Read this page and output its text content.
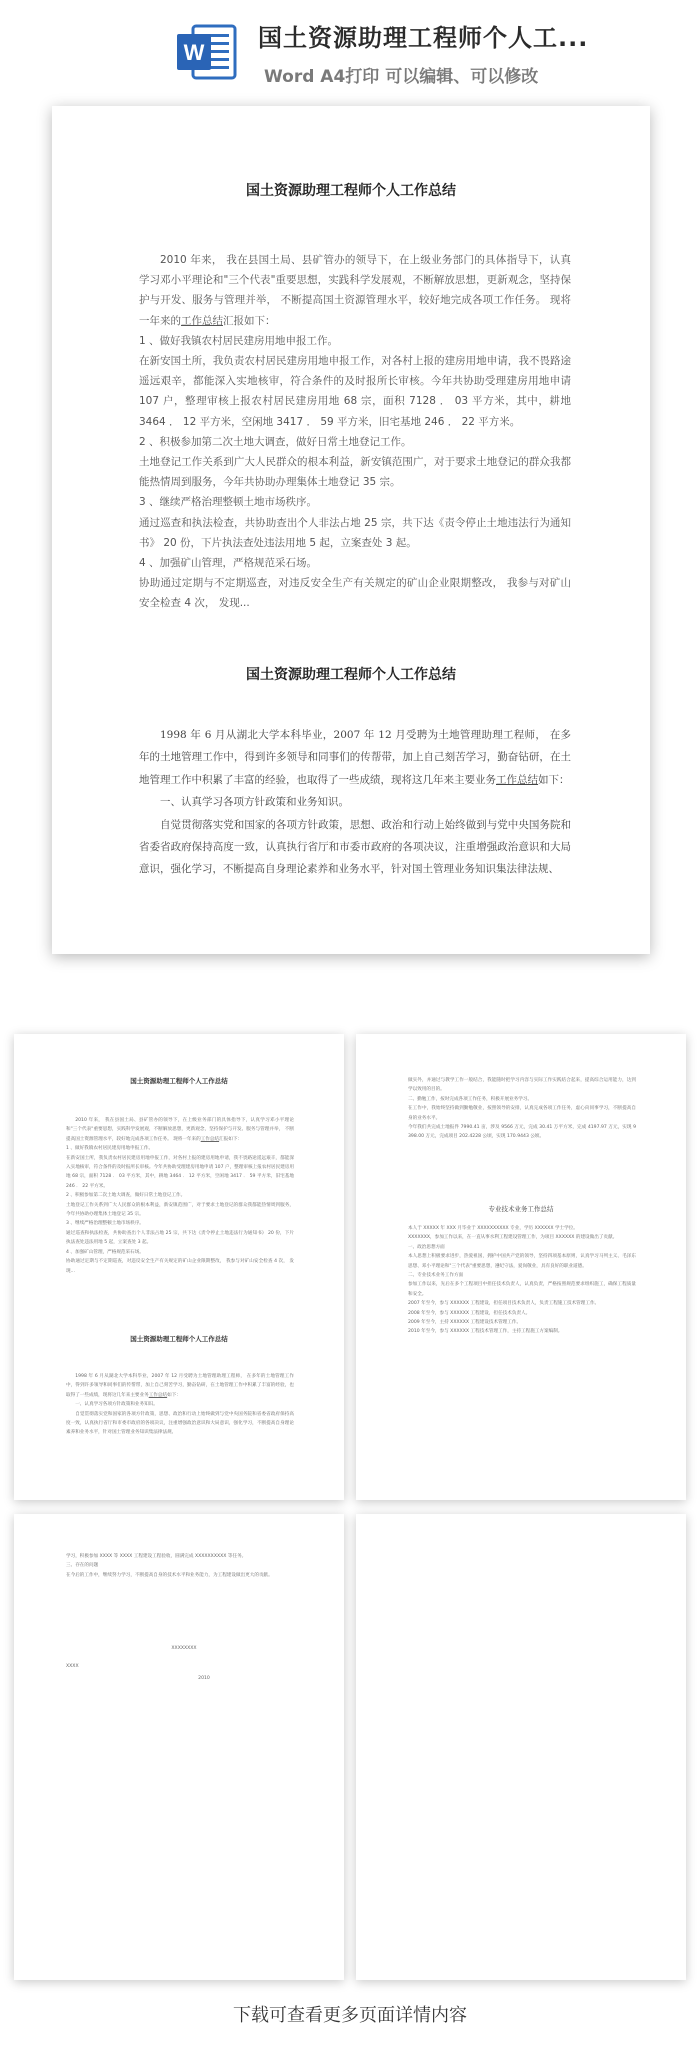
W
国土资源助理工程师个人工...
Word A4打印 可以编辑、可以修改
国土资源助理工程师个人工作总结

2010 年来， 我在县国土局、县矿管办的领导下，在上级业务部门的具体指导下，认真学习邓小平理论和"三个代表"重要思想，实践科学发展观，不断解放思想，更新观念，坚持保护与开发、服务与管理并举， 不断提高国土资源管理水平，较好地完成各项工作任务。 现将一年来的工作总结汇报如下：

1 、做好我镇农村居民建房用地申报工作。

在新安国土所，我负责农村居民建房用地申报工作，对各村上报的建房用地申请，我不畏路途遥远艰辛，都能深入实地核审，符合条件的及时报所长审核。今年共协助受理建房用地申请 107 户，整理审核上报农村居民建房用地 68 宗，面积 7128 ． 03 平方米，其中，耕地 3464 ． 12 平方米，空闲地 3417 ． 59 平方米，旧宅基地 246 ． 22 平方米。

2 、积极参加第二次土地大调查，做好日常土地登记工作。

土地登记工作关系到广大人民群众的根本利益，新安镇范围广，对于要求土地登记的群众我都能热情周到服务，今年共协助办理集体土地登记 35 宗。

3 、继续严格治理整顿土地市场秩序。

通过巡查和执法检查，共协助查出个人非法占地 25 宗，共下达《责令停止土地违法行为通知书》 20 份，下片执法查处违法用地 5 起，立案查处 3 起。

4 、加强矿山管理，严格规范采石场。

协助通过定期与不定期巡查，对违反安全生产有关规定的矿山企业限期整改， 我参与对矿山安全检查 4 次， 发现...

国土资源助理工程师个人工作总结

1998 年 6 月从湖北大学本科毕业，2007 年 12 月受聘为土地管理助理工程师， 在多年的土地管理工作中，得到许多领导和同事们的传帮带，加上自己刻苦学习，勤奋钻研，在土地管理工作中积累了丰富的经验，也取得了一些成绩，现将这几年来主要业务工作总结如下：

一、认真学习各项方针政策和业务知识。

自觉贯彻落实党和国家的各项方针政策，思想、政治和行动上始终做到与党中央国务院和省委省政府保持高度一致，认真执行省厅和市委市政府的各项决议，注重增强政治意识和大局意识，强化学习，不断提高自身理论素养和业务水平，针对国土管理业务知识集法律法规、

国土资源助理工程师个人工作总结

2010 年来， 我在县国土局、县矿管办的领导下，在上级业务部门的具体指导下，认真学习邓小平理论和"三个代表"重要思想，实践科学发展观，不断解放思想，更新观念，坚持保护与开发、服务与管理并举， 不断提高国土资源管理水平，较好地完成各项工作任务。 现将一年来的工作总结汇报如下：

1 、做好我镇农村居民建房用地申报工作。

在新安国土所，我负责农村居民建房用地申报工作，对各村上报的建房用地申请，我不畏路途遥远艰辛，都能深入实地核审，符合条件的及时报所长审核。今年共协助受理建房用地申请 107 户，整理审核上报农村居民建房用地 68 宗，面积 7128 ． 03 平方米，其中，耕地 3464 ． 12 平方米，空闲地 3417 ． 59 平方米，旧宅基地 246 ． 22 平方米。

2 、积极参加第二次土地大调查，做好日常土地登记工作。

土地登记工作关系到广大人民群众的根本利益，新安镇范围广，对于要求土地登记的群众我都能热情周到服务，今年共协助办理集体土地登记 35 宗。

3 、继续严格治理整顿土地市场秩序。

通过巡查和执法检查，共协助查出个人非法占地 25 宗，共下达《责令停止土地违法行为通知书》 20 份，下片执法查处违法用地 5 起，立案查处 3 起。

4 、加强矿山管理，严格规范采石场。

协助通过定期与不定期巡查，对违反安全生产有关规定的矿山企业限期整改， 我参与对矿山安全检查 4 次， 发现...

国土资源助理工程师个人工作总结

1998 年 6 月从湖北大学本科毕业，2007 年 12 月受聘为土地管理助理工程师， 在多年的土地管理工作中，得到许多领导和同事们的传帮带，加上自己刻苦学习，勤奋钻研，在土地管理工作中积累了丰富的经验，也取得了一些成绩，现将这几年来主要业务工作总结如下：

一、认真学习各项方针政策和业务知识。

自觉贯彻落实党和国家的各项方针政策，思想、政治和行动上始终做到与党中央国务院和省委省政府保持高度一致，认真执行省厅和市委市政府的各项决议，注重增强政治意识和大局意识，强化学习，不断提高自身理论素养和业务水平，针对国土管理业务知识集法律法规、

做实外，并通过与教学工作一般结合，我能随时把学习内容与实际工作实践结合起来，提高综合运用能力，达到学以致用的目的。

二、勤勉工作，按时完成各项工作任务，积极开展业务学习。

在工作中，我始终坚持做到勤勉敬业，按照领导的安排，认真完成各项工作任务，虚心向同事学习，不断提高自身的业务水平。

今年我们共完成土地报件 7990.41 亩，涉及 9566 万元，完成 30.41 万平方米，完成 4197.97 万元，实现 9398.00 万元，完成项目 202.4228 公顷，实现 170.9443 公顷。

专业技术业务工作总结

本人于 XXXXX 年 XXX 月毕业于 XXXXXXXXXX 专业，学历 XXXXXX 学士学位。

XXXXXXX，参加工作以来，在一直从事水利工程建设管理工作，为项目 XXXXXX 的建设做出了贡献。

一、政治思想方面

本人思想上积极要求进步，热爱祖国，拥护中国共产党的领导，坚持四项基本原则，认真学习马列主义、毛泽东思想、邓小平理论和"三个代表"重要思想，遵纪守法，爱岗敬业，具有良好的职业道德。

二、专业技术业务工作方面

参加工作以来，先后在多个工程项目中担任技术负责人，认真负责，严格按照规范要求组织施工，确保工程质量和安全。

2007 年至今，参与 XXXXXX 工程建设，担任项目技术负责人，负责工程施工技术管理工作。

2008 年至今，参与 XXXXXX 工程建设，担任技术负责人。

2009 年至今，主持 XXXXXX 工程建设技术管理工作。

2010 年至今，参与 XXXXXX 工程技术管理工作，主持工程施工方案编制。

学习，积极参加 XXXX 等 XXXX 工程建设工程验收，圆满完成 XXXXXXXXXX 等任务。

三、存在的问题

在今后的工作中，继续努力学习，不断提高自身的技术水平和业务能力，为工程建设做出更大的贡献。

XXXXXXXX
XXXX
2010
下载可查看更多页面详情内容
